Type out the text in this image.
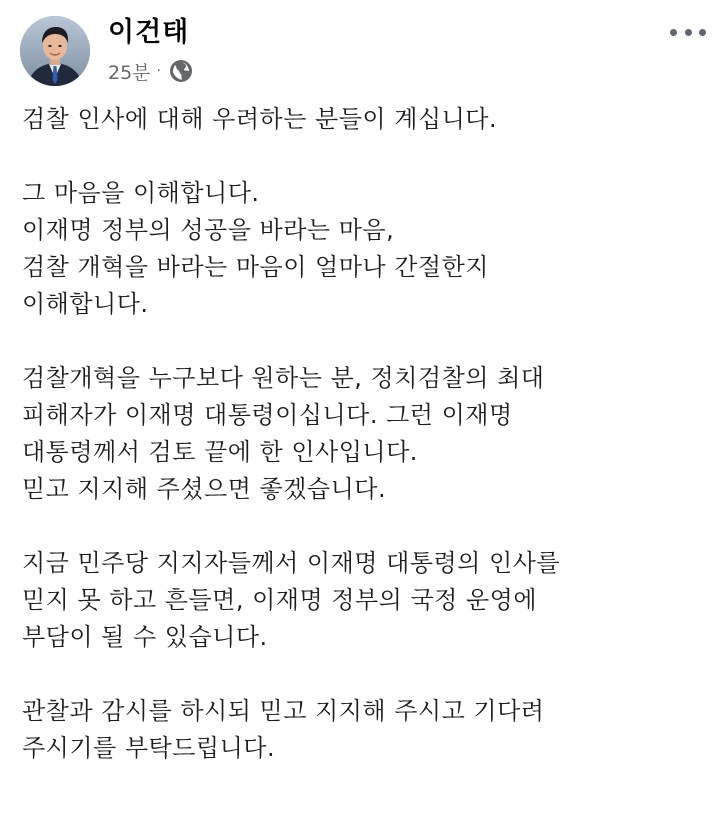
이건태
25분 ·
검찰 인사에 대해 우려하는 분들이 계십니다.
그 마음을 이해합니다.
이재명 정부의 성공을 바라는 마음,
검찰 개혁을 바라는 마음이 얼마나 간절한지
이해합니다.
검찰개혁을 누구보다 원하는 분, 정치검찰의 최대
피해자가 이재명 대통령이십니다. 그런 이재명
대통령께서 검토 끝에 한 인사입니다.
믿고 지지해 주셨으면 좋겠습니다.
지금 민주당 지지자들께서 이재명 대통령의 인사를
믿지 못 하고 흔들면, 이재명 정부의 국정 운영에
부담이 될 수 있습니다.
관찰과 감시를 하시되 믿고 지지해 주시고 기다려
주시기를 부탁드립니다.
